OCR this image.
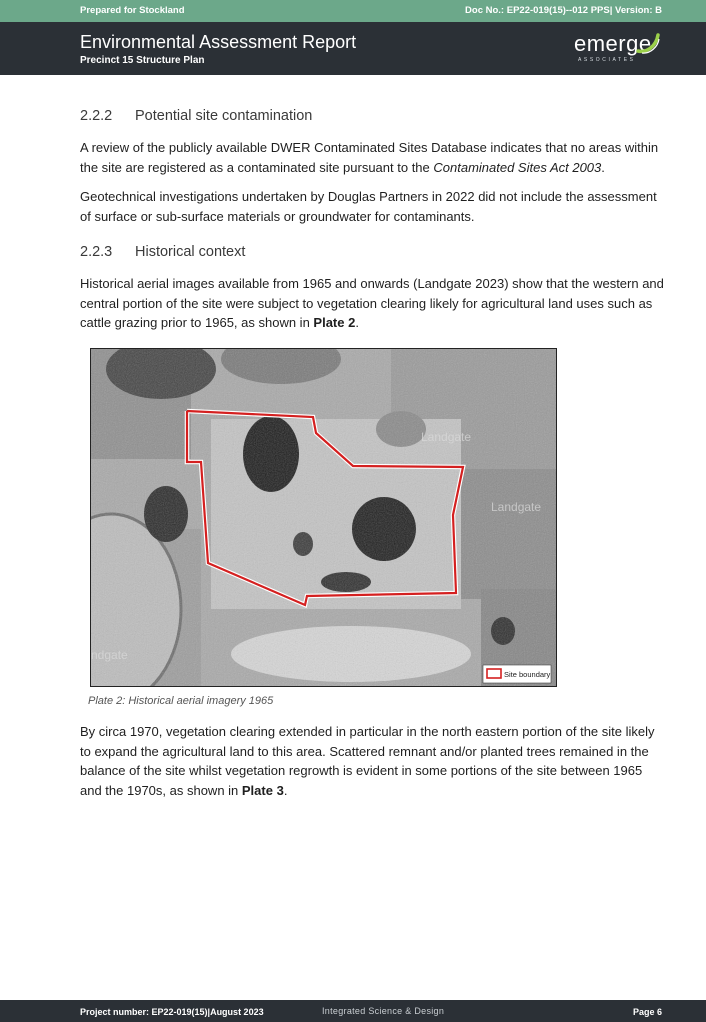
Prepared for Stockland	Doc No.: EP22-019(15)--012 PPS| Version: B
Environmental Assessment Report
Precinct 15 Structure Plan
emerge
ASSOCIATES
2.2.2	Potential site contamination

A review of the publicly available DWER Contaminated Sites Database indicates that no areas within the site are registered as a contaminated site pursuant to the Contaminated Sites Act 2003.

Geotechnical investigations undertaken by Douglas Partners in 2022 did not include the assessment of surface or sub-surface materials or groundwater for contaminants.

2.2.3	Historical context

Historical aerial images available from 1965 and onwards (Landgate 2023) show that the western and central portion of the site were subject to vegetation clearing likely for agricultural land uses such as cattle grazing prior to 1965, as shown in Plate 2.

Landgate
ndgate
Landgate
Site boundary
Plate 2: Historical aerial imagery 1965

By circa 1970, vegetation clearing extended in particular in the north eastern portion of the site likely to expand the agricultural land to this area. Scattered remnant and/or planted trees remained in the balance of the site whilst vegetation regrowth is evident in some portions of the site between 1965 and the 1970s, as shown in Plate 3.

Project number: EP22-019(15)|August 2023	Integrated Science & Design	Page 6
